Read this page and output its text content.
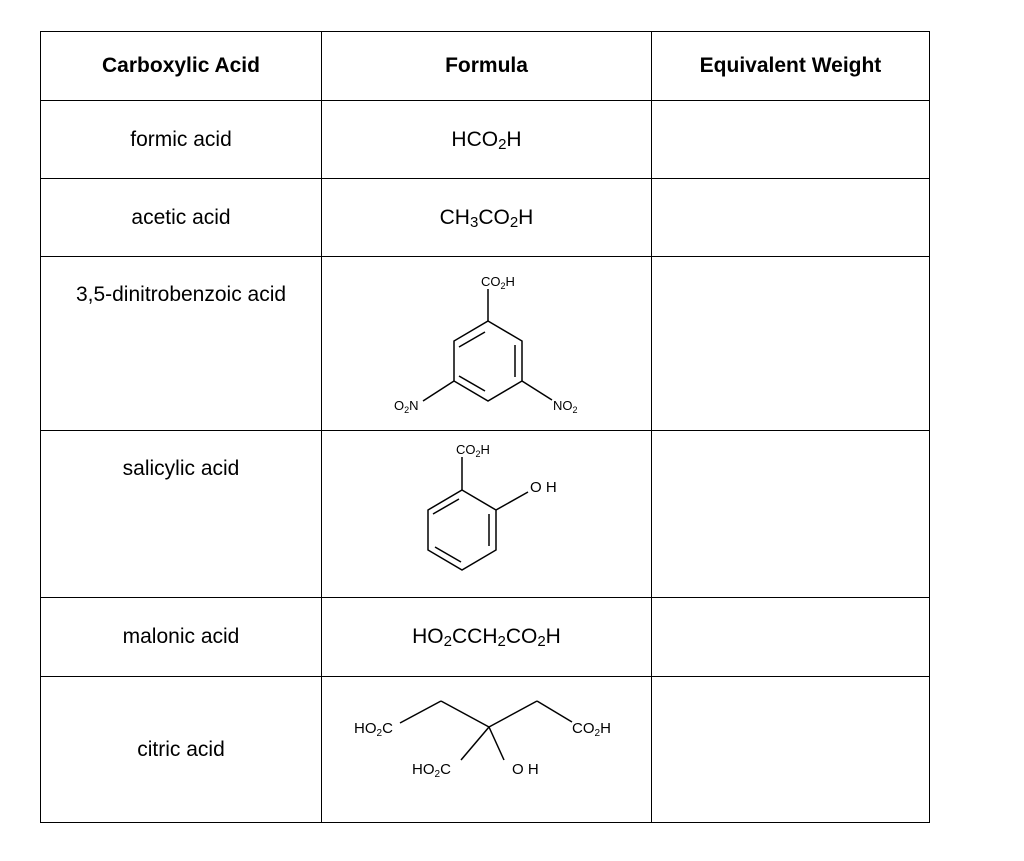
Carboxylic Acid	Formula	Equivalent Weight
formic acid	$HCO_2H$	
acetic acid	$CH_3CO_2H$	
3,5-dinitrobenzoic acid	$CO_2H$
$O_2N$ $NO_2$

salicylic acid	$CO_2H$
O H	

malonic acid	$HO_2CCH_2CO_2H$	
citric acid	$HO_2C$ $CO_2H$
$HO_2C$ O H	
